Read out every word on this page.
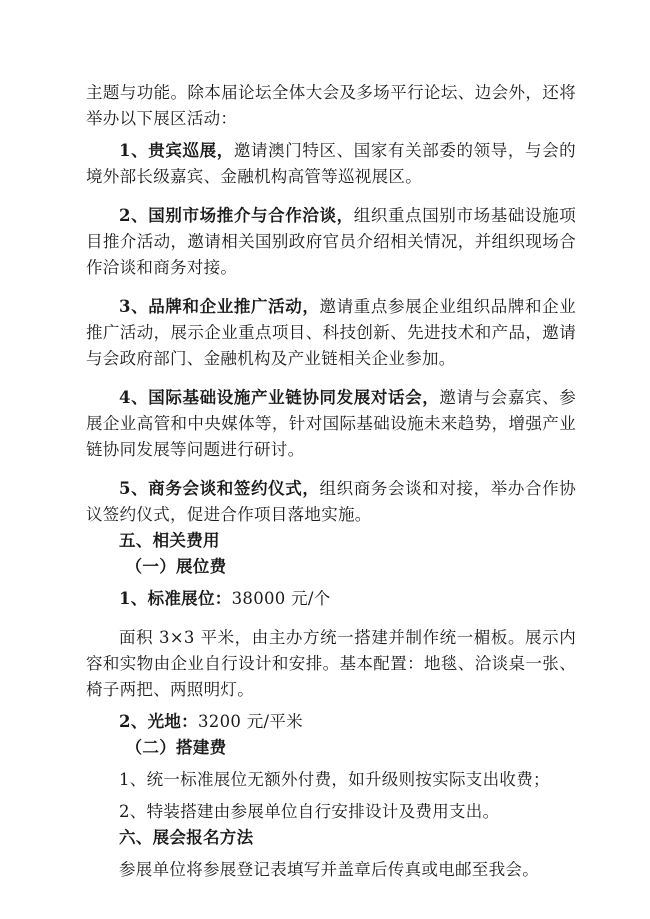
主题与功能。除本届论坛全体大会及多场平行论坛、边会外，还将举办以下展区活动：

1、贵宾巡展，邀请澳门特区、国家有关部委的领导，与会的境外部长级嘉宾、金融机构高管等巡视展区。

2、国别市场推介与合作洽谈，组织重点国别市场基础设施项目推介活动，邀请相关国别政府官员介绍相关情况，并组织现场合作洽谈和商务对接。

3、品牌和企业推广活动，邀请重点参展企业组织品牌和企业推广活动，展示企业重点项目、科技创新、先进技术和产品，邀请与会政府部门、金融机构及产业链相关企业参加。

4、国际基础设施产业链协同发展对话会，邀请与会嘉宾、参展企业高管和中央媒体等，针对国际基础设施未来趋势，增强产业链协同发展等问题进行研讨。

5、商务会谈和签约仪式，组织商务会谈和对接，举办合作协议签约仪式，促进合作项目落地实施。

五、相关费用

（一）展位费

1、标准展位：38000 元/个

面积 3×3 平米，由主办方统一搭建并制作统一楣板。展示内容和实物由企业自行设计和安排。基本配置：地毯、洽谈桌一张、椅子两把、两照明灯。

2、光地：3200 元/平米

（二）搭建费

1、统一标准展位无额外付费，如升级则按实际支出收费；

2、特装搭建由参展单位自行安排设计及费用支出。

六、展会报名方法

参展单位将参展登记表填写并盖章后传真或电邮至我会。
